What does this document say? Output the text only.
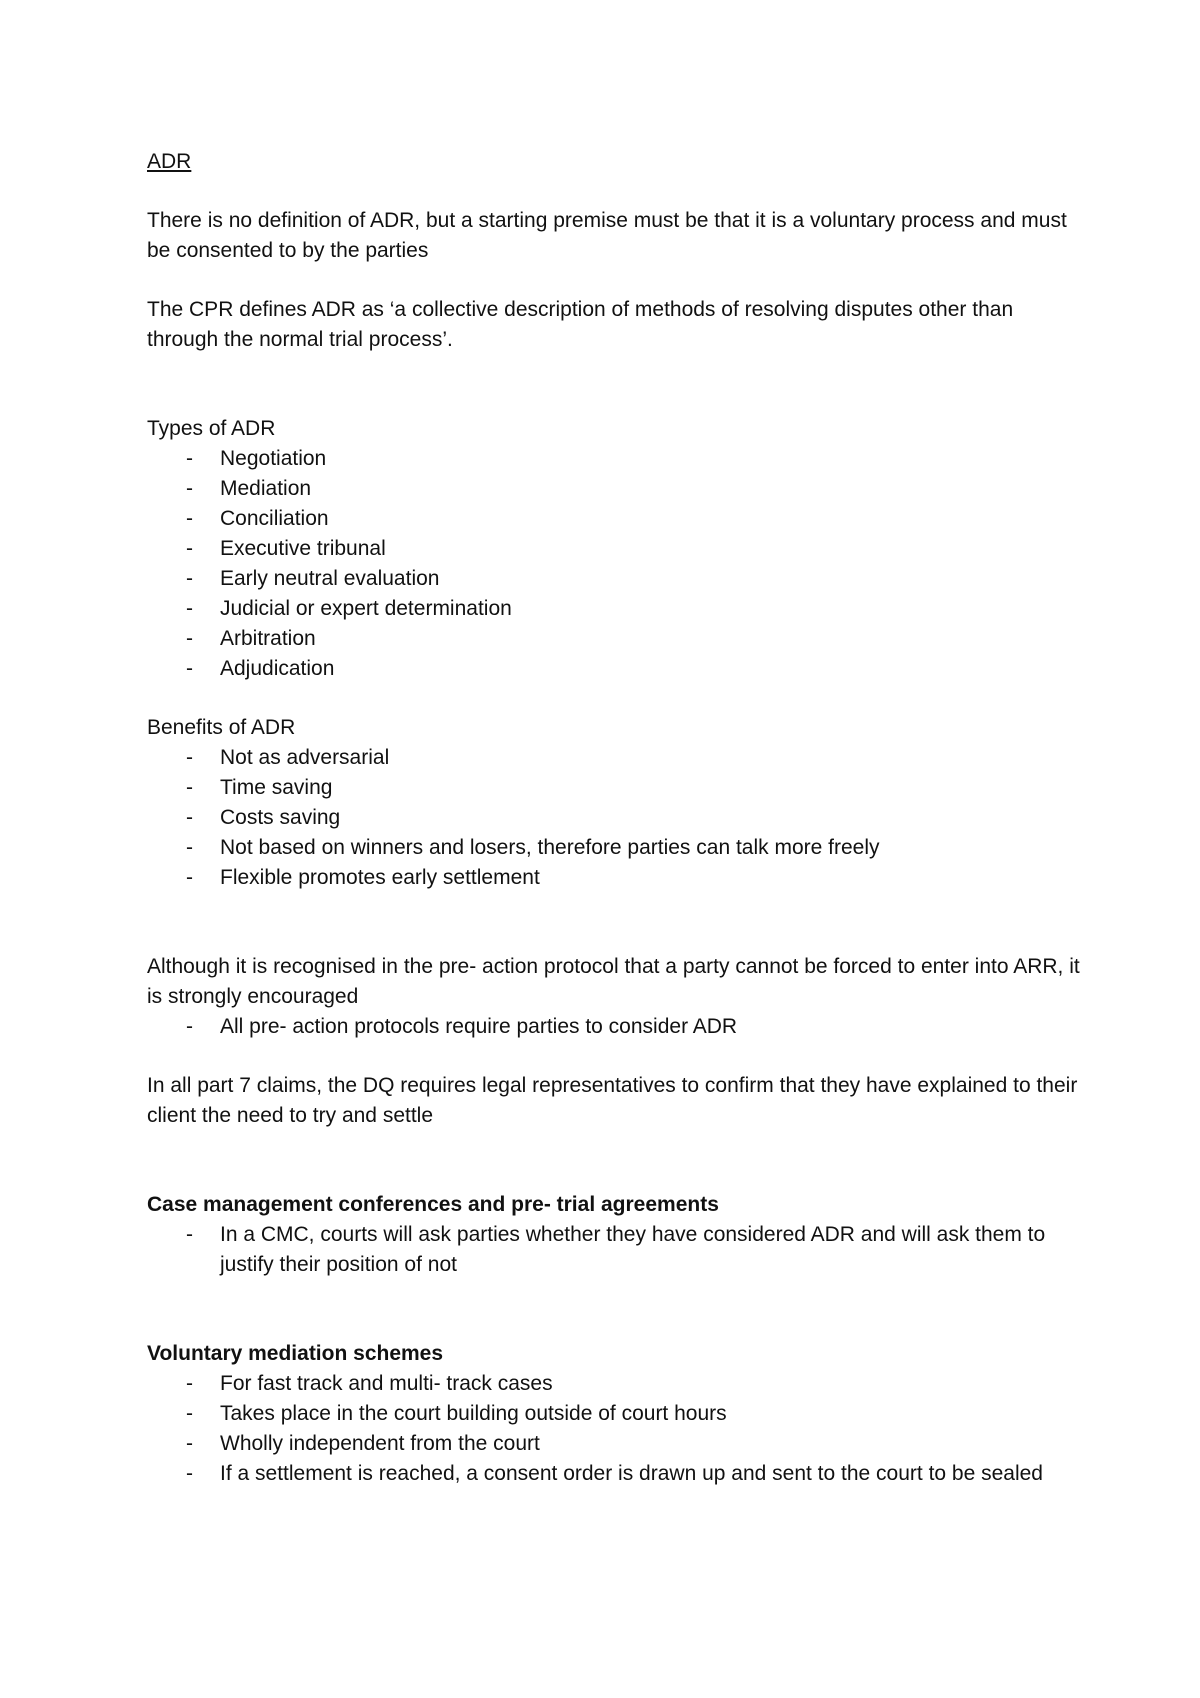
ADR

There is no definition of ADR, but a starting premise must be that it is a voluntary process and must be consented to by the parties

The CPR defines ADR as ‘a collective description of methods of resolving disputes other than through the normal trial process’.

Types of ADR

- Negotiation
- Mediation
- Conciliation
- Executive tribunal
- Early neutral evaluation
- Judicial or expert determination
- Arbitration
- Adjudication

Benefits of ADR

- Not as adversarial
- Time saving
- Costs saving
- Not based on winners and losers, therefore parties can talk more freely
- Flexible promotes early settlement

Although it is recognised in the pre- action protocol that a party cannot be forced to enter into ARR, it is strongly encouraged

- All pre- action protocols require parties to consider ADR

In all part 7 claims, the DQ requires legal representatives to confirm that they have explained to their client the need to try and settle

Case management conferences and pre- trial agreements

- In a CMC, courts will ask parties whether they have considered ADR and will ask them to justify their position of not

Voluntary mediation schemes

- For fast track and multi- track cases
- Takes place in the court building outside of court hours
- Wholly independent from the court
- If a settlement is reached, a consent order is drawn up and sent to the court to be sealed
